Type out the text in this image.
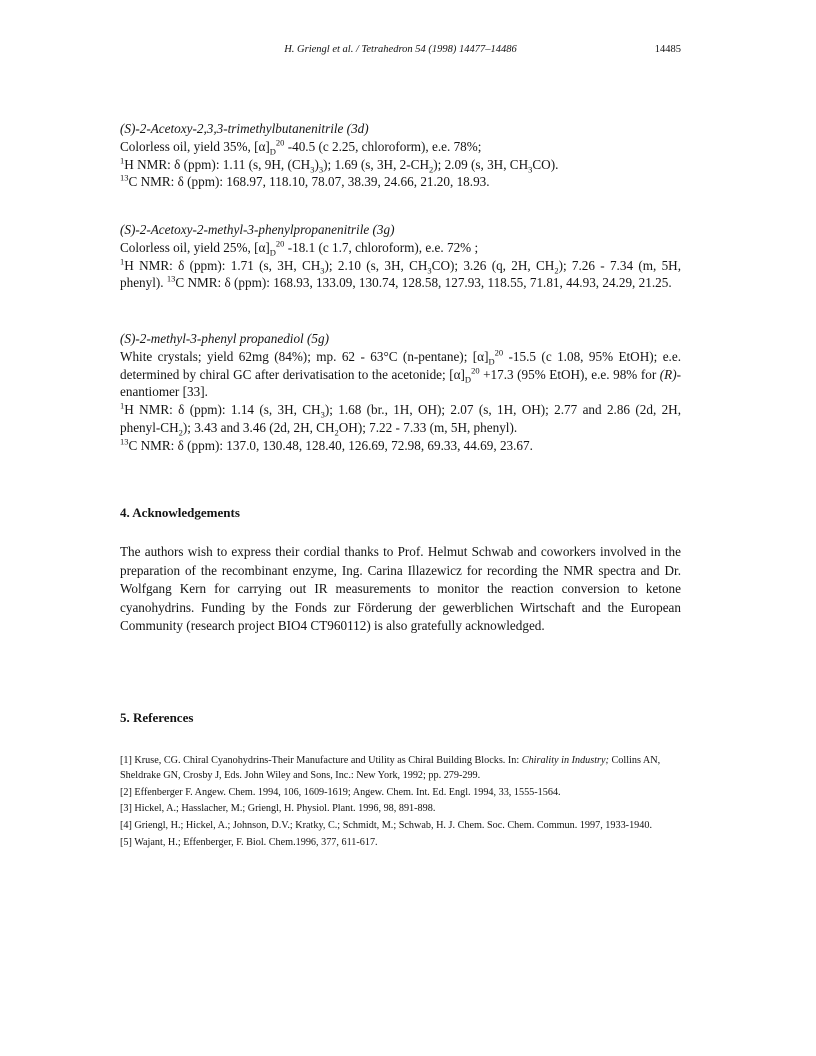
H. Griengl et al. / Tetrahedron 54 (1998) 14477–14486	14485

(S)-2-Acetoxy-2,3,3-trimethylbutanenitrile (3d)

Colorless oil, yield 35%, $[\alpha]_D^{20}$ -40.5 (c 2.25, chloroform), e.e. 78%;

$^1$H NMR: δ (ppm): 1.11 (s, 9H, $(CH_3)_3$); 1.69 (s, 3H, $2-CH_2$); 2.09 (s, 3H, $CH_3CO$).

$^{13}$C NMR: δ (ppm): 168.97, 118.10, 78.07, 38.39, 24.66, 21.20, 18.93.

(S)-2-Acetoxy-2-methyl-3-phenylpropanenitrile (3g)

Colorless oil, yield 25%, $[\alpha]_D^{20}$ -18.1 (c 1.7, chloroform), e.e. 72% ;

$^1$H NMR: δ (ppm): 1.71 (s, 3H, $CH_3$); 2.10 (s, 3H, $CH_3CO$); 3.26 (q, 2H, $CH_2$); 7.26 - 7.34 (m, 5H, phenyl). $^{13}$C NMR: δ (ppm): 168.93, 133.09, 130.74, 128.58, 127.93, 118.55, 71.81, 44.93, 24.29, 21.25.

(S)-2-methyl-3-phenyl propanediol (5g)

White crystals; yield 62mg (84%); mp. 62 - 63°C (n-pentane); $[\alpha]_D^{20}$ -15.5 (c 1.08, 95% EtOH); e.e. determined by chiral GC after derivatisation to the acetonide; $[\alpha]_D^{20} +17.3$ (95% EtOH), e.e. 98% for (R)-enantiomer [33].

$^1$H NMR: δ (ppm): 1.14 (s, 3H, $CH_3$); 1.68 (br., 1H, OH); 2.07 (s, 1H, OH); 2.77 and 2.86 (2d, 2H, phenyl-$CH_2$); 3.43 and 3.46 (2d, 2H, $CH_2OH$); 7.22 - 7.33 (m, 5H, phenyl).

$^{13}$C NMR: δ (ppm): 137.0, 130.48, 128.40, 126.69, 72.98, 69.33, 44.69, 23.67.

4. Acknowledgements

The authors wish to express their cordial thanks to Prof. Helmut Schwab and coworkers involved in the preparation of the recombinant enzyme, Ing. Carina Illazewicz for recording the NMR spectra and Dr. Wolfgang Kern for carrying out IR measurements to monitor the reaction conversion to ketone cyanohydrins. Funding by the Fonds zur Förderung der gewerblichen Wirtschaft and the European Community (research project BIO4 CT960112) is also gratefully acknowledged.

5. References

[1] Kruse, CG. Chiral Cyanohydrins-Their Manufacture and Utility as Chiral Building Blocks. In: Chirality in Industry; Collins AN, Sheldrake GN, Crosby J, Eds. John Wiley and Sons, Inc.: New York, 1992; pp. 279-299.

[2] Effenberger F. Angew. Chem. 1994, 106, 1609-1619; Angew. Chem. Int. Ed. Engl. 1994, 33, 1555-1564.

[3] Hickel, A.; Hasslacher, M.; Griengl, H. Physiol. Plant. 1996, 98, 891-898.

[4] Griengl, H.; Hickel, A.; Johnson, D.V.; Kratky, C.; Schmidt, M.; Schwab, H. J. Chem. Soc. Chem. Commun. 1997, 1933-1940.

[5] Wajant, H.; Effenberger, F. Biol. Chem.1996, 377, 611-617.
